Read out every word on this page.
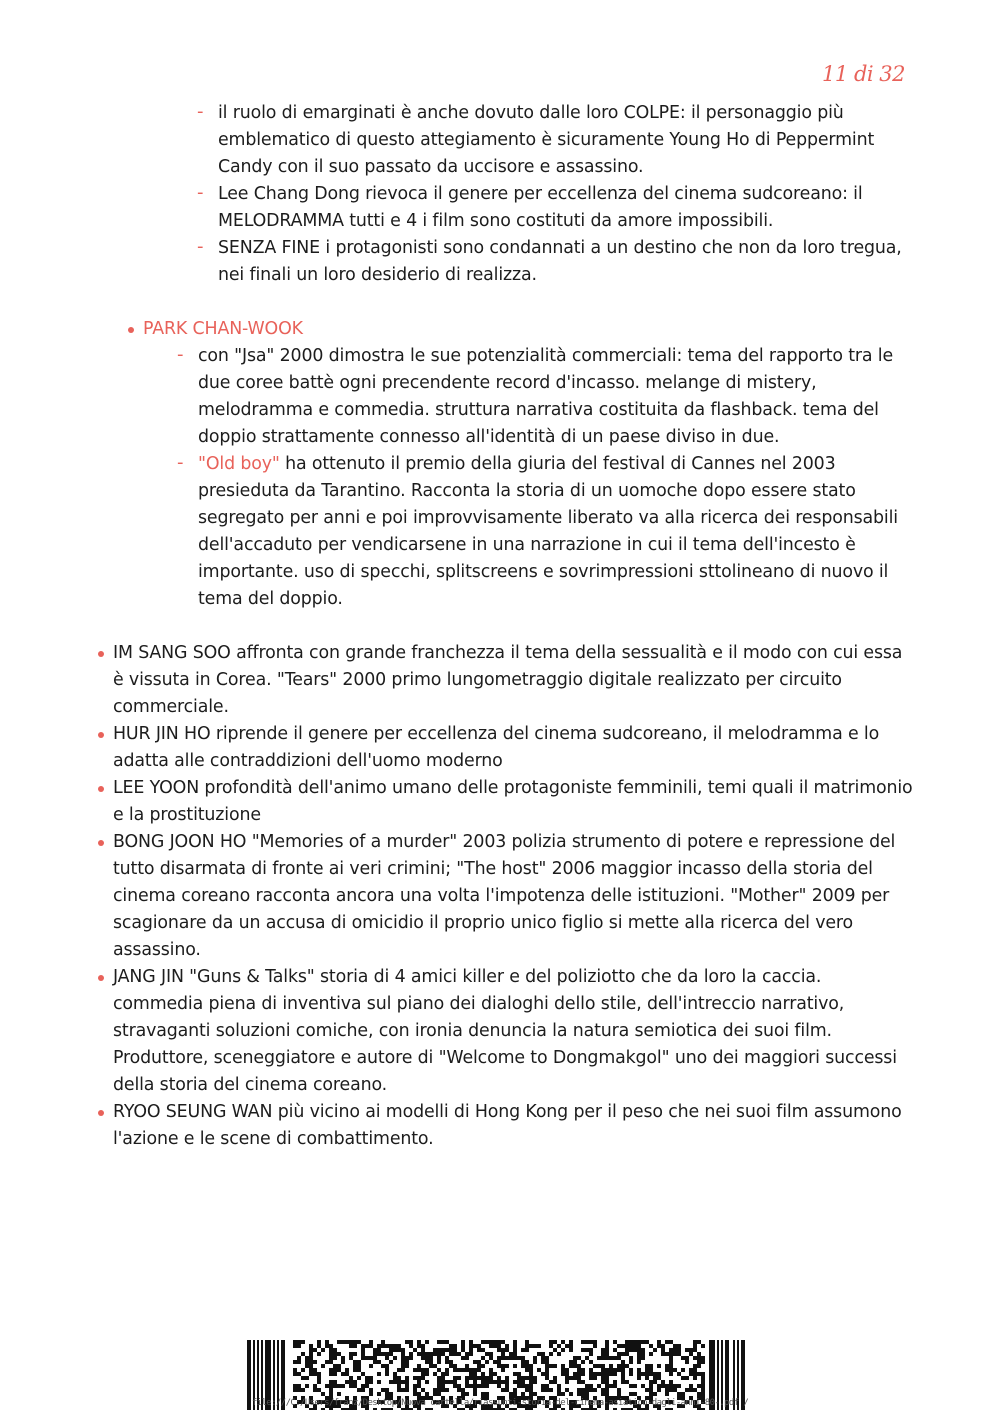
11 di 32
- il ruolo di emarginati è anche dovuto dalle loro COLPE: il personaggio più emblematico di questo attegiamento è sicuramente Young Ho di Peppermint Candy con il suo passato da uccisore e assassino.
- Lee Chang Dong rievoca il genere per eccellenza del cinema sudcoreano: il MELODRAMMA tutti e 4 i film sono costituti da amore impossibili.
- SENZA FINE i protagonisti sono condannati a un destino che non da loro tregua, nei finali un loro desiderio di realizza.
PARK CHAN-WOOK
- con "Jsa" 2000 dimostra le sue potenzialità commerciali: tema del rapporto tra le due coree battè ogni precendente record d'incasso. melange di mistery, melodramma e commedia. struttura narrativa costituita da flashback. tema del doppio strattamente connesso all'identità di un paese diviso in due.
- "Old boy" ha ottenuto il premio della giuria del festival di Cannes nel 2003 presieduta da Tarantino. Racconta la storia di un uomoche dopo essere stato segregato per anni e poi improvvisamente liberato va alla ricerca dei responsabili dell'accaduto per vendicarsene in una narrazione in cui il tema dell'incesto è importante. uso di specchi, splitscreens e sovrimpressioni sttolineano di nuovo il tema del doppio.
IM SANG SOO affronta con grande franchezza il tema della sessualità e il modo con cui essa è vissuta in Corea. "Tears" 2000 primo lungometraggio digitale realizzato per circuito commerciale.
HUR JIN HO riprende il genere per eccellenza del cinema sudcoreano, il melodramma e lo adatta alle contraddizioni dell'uomo moderno
LEE YOON profondità dell'animo umano delle protagoniste femminili, temi quali il matrimonio e la prostituzione
BONG JOON HO "Memories of a murder" 2003 polizia strumento di potere e repressione del tutto disarmata di fronte ai veri crimini; "The host" 2006 maggior incasso della storia del cinema coreano racconta ancora una volta l'impotenza delle istituzioni. "Mother" 2009 per scagionare da un accusa di omicidio il proprio unico figlio si mette alla ricerca del vero assassino.
JANG JIN "Guns & Talks" storia di 4 amici killer e del poliziotto che da loro la caccia. commedia piena di inventiva sul piano dei dialoghi dello stile, dell'intreccio narrativo, stravaganti soluzioni comiche, con ironia denuncia la natura semiotica dei suoi film. Produttore, sceneggiatore e autore di "Welcome to Dongmakgol" uno dei maggiori successi della storia del cinema coreano.
RYOO SEUNG WAN più vicino ai modelli di Hong Kong per il peso che nei suoi film assumono l'azione e le scene di combattimento.
file:///C:/Users/franz/Desktop/Nuova cartella/riassunti-storia-del-cinema-asiatico-dagli-anni-80-.pdf /
